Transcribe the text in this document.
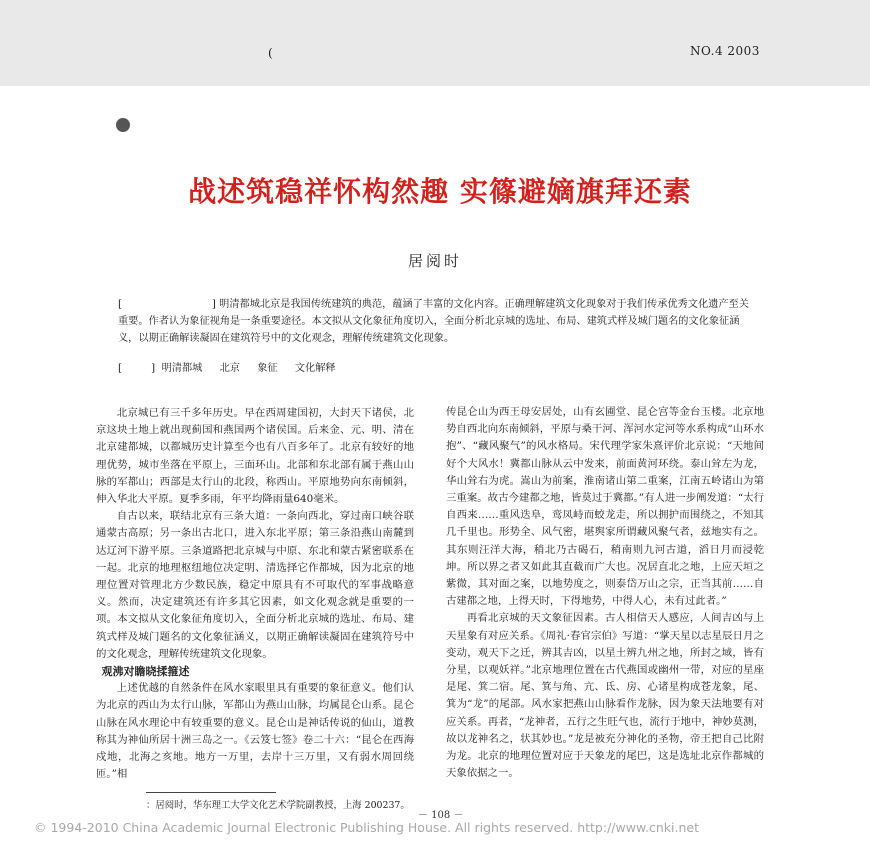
(	NO.4 2003
战述筑稳祥怀构然趣 实篠避嫡旗拜还素
居阅时
[	] 明清都城北京是我国传统建筑的典范，蕴涵了丰富的文化内容。正确理解建筑文化现象对于我们传承优秀文化遗产至关重要。作者认为象征视角是一条重要途径。本文拟从文化象征角度切入，全面分析北京城的选址、布局、建筑式样及城门题名的文化象征涵义，以期正确解读凝固在建筑符号中的文化观念，理解传统建筑文化现象。
[	] 明清都城 北京 象征 文化解释

北京城已有三千多年历史。早在西周建国初，大封天下诸侯，北京这块土地上就出现蓟国和燕国两个诸侯国。后来金、元、明、清在北京建都城，以都城历史计算至今也有八百多年了。北京有较好的地理优势，城市坐落在平原上，三面环山。北部和东北部有属于燕山山脉的军都山；西部是太行山的北段，称西山。平原地势向东南倾斜，伸入华北大平原。夏季多雨，年平均降雨量640毫米。

自古以来，联结北京有三条大道：一条向西北，穿过南口峡谷联通蒙古高原；另一条出古北口，进入东北平原；第三条沿燕山南麓到达辽河下游平原。三条道路把北京城与中原、东北和蒙古紧密联系在一起。北京的地理枢纽地位决定明、清选择它作都城，因为北京的地理位置对管理北方少数民族，稳定中原具有不可取代的军事战略意义。然而，决定建筑还有许多其它因素，如文化观念就是重要的一项。本文拟从文化象征角度切入，全面分析北京城的选址、布局、建筑式样及城门题名的文化象征涵义，以期正确解读凝固在建筑符号中的文化观念，理解传统建筑文化现象。

观沸对瞻晓揉箍述

上述优越的自然条件在风水家眼里具有重要的象征意义。他们认为北京的西山为太行山脉，军都山为燕山山脉，均属昆仑山系。昆仑山脉在风水理论中有较重要的意义。昆仑山是神话传说的仙山，道教称其为神仙所居十洲三岛之一。《云笈七签》卷二十六：“昆仑在西海戍地，北海之亥地。地方一万里，去岸十三万里，又有弱水周回绕匝。”相

传昆仑山为西王母安居处，山有玄圃堂、昆仑宫等金台玉楼。北京地势自西北向东南倾斜，平原与桑干河、浑河水定河等水系构成“山环水抱”、“藏风聚气”的风水格局。宋代理学家朱熹评价北京说：“天地间好个大风水！冀都山脉从云中发来，前面黄河环绕。泰山耸左为龙，华山耸右为虎。嵩山为前案，淮南诸山第二重案，江南五岭诸山为第三重案。故古今建都之地，皆莫过于冀都。”有人进一步阐发道：“太行自西来……重风迭阜，鸾凤峙而蛟龙走，所以拥护而围绕之，不知其几千里也。形势全、风气密，堪舆家所谓藏风聚气者，兹地实有之。其东则汪洋大海，稍北乃古碣石，稍南则九河古道，滔日月而浸乾坤。所以界之者又如此其直截而广大也。况居直北之地，上应天垣之紫微，其对面之案，以地势度之，则泰岱万山之宗，正当其前……自古建都之地，上得天时，下得地势，中得人心，未有过此者。”

再看北京城的天文象征因素。古人相信天人感应，人间吉凶与上天星象有对应关系。《周礼·春官宗伯》写道：“掌天星以志星辰日月之变动，观天下之迁，辨其吉凶，以星土辨九州之地，所封之域，皆有分星，以观妖祥。”北京地理位置在古代燕国或幽州一带，对应的星座是尾、箕二宿。尾、箕与角、亢、氐、房、心诸星构成苍龙象，尾、箕为“龙”的尾部。风水家把燕山山脉看作龙脉，因为象天法地要有对应关系。再者，“龙神者，五行之生旺气也，流行于地中，神妙莫测，故以龙神名之，状其妙也。”龙是被充分神化的圣物，帝王把自己比附为龙。北京的地理位置对应于天象龙的尾巴，这是选址北京作都城的天象依据之一。

：居阅时，华东理工大学文化艺术学院副教授，上海 200237。
－ 108 －
© 1994-2010 China Academic Journal Electronic Publishing House. All rights reserved. http://www.cnki.net
